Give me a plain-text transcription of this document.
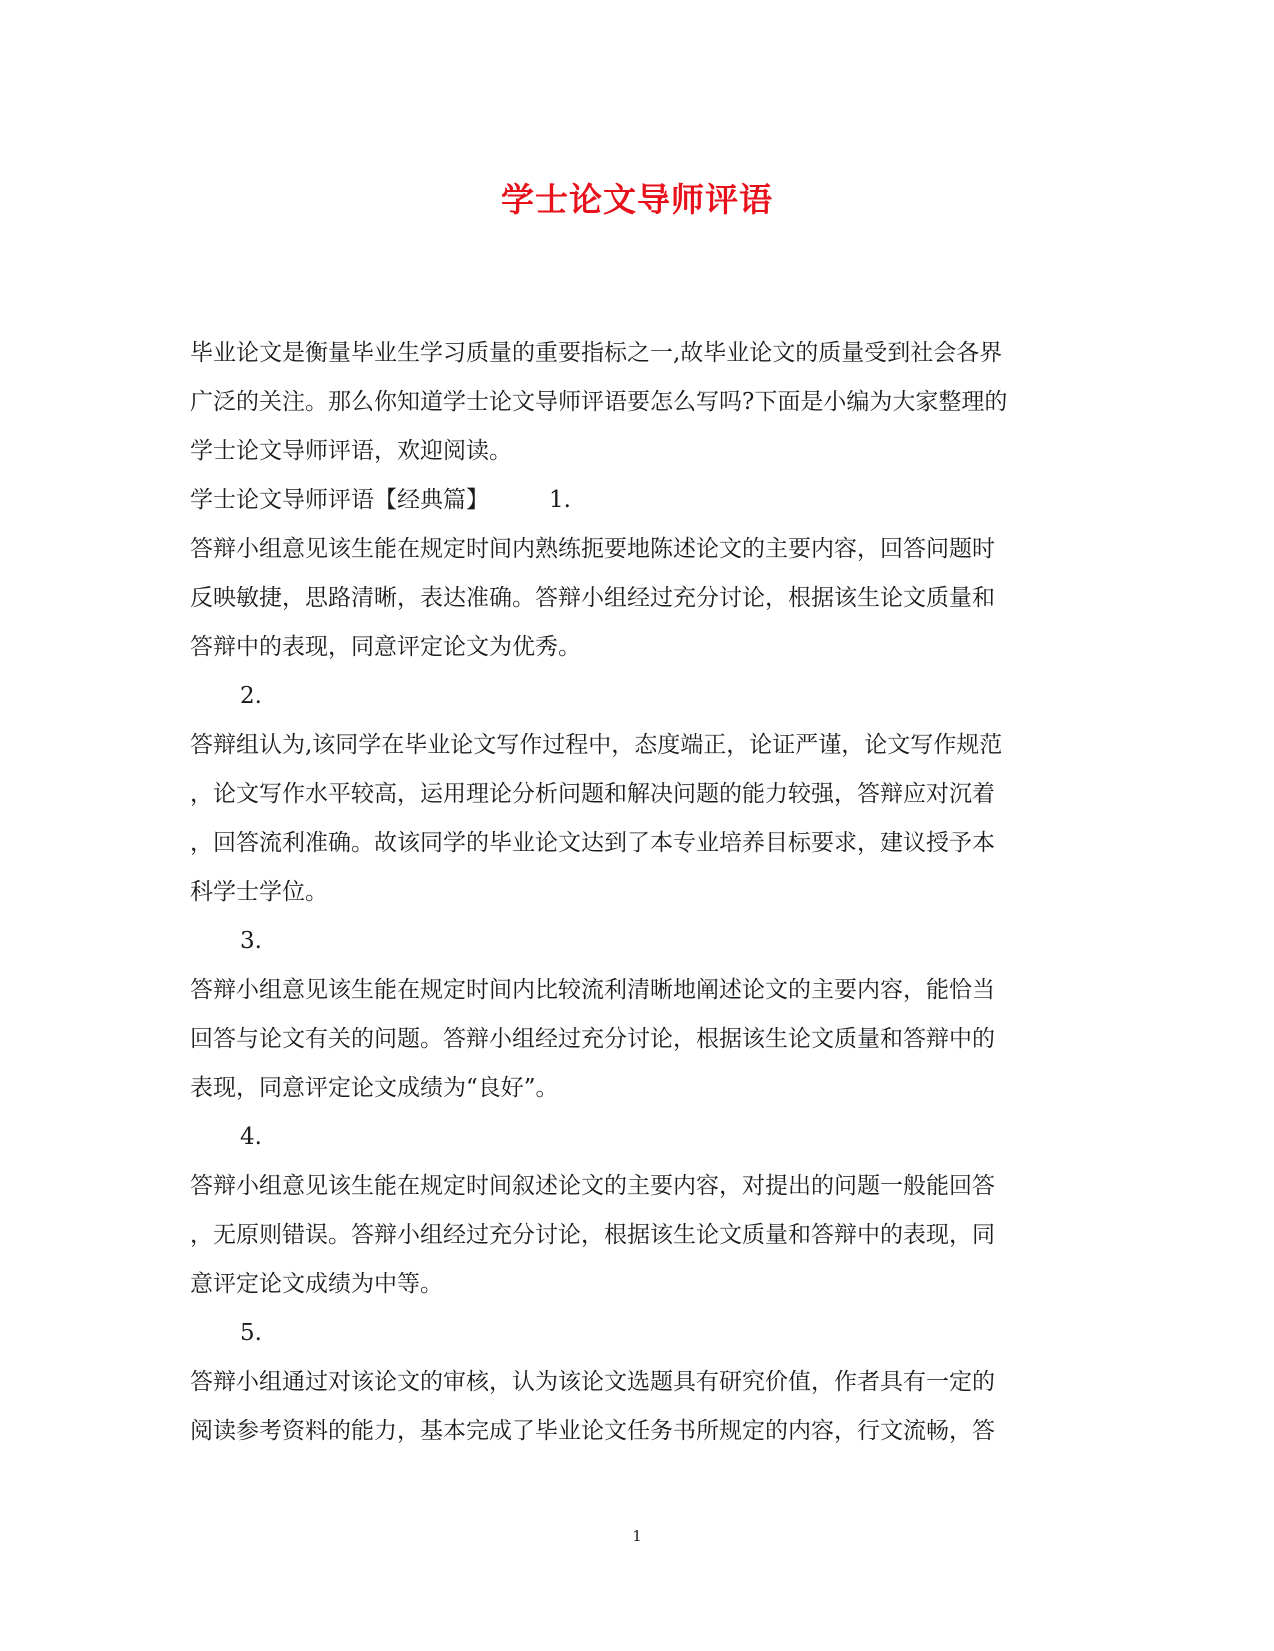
学士论文导师评语
毕业论文是衡量毕业生学习质量的重要指标之一,故毕业论文的质量受到社会各界
广泛的关注。那么你知道学士论文导师评语要怎么写吗?下面是小编为大家整理的
学士论文导师评语，欢迎阅读。
学士论文导师评语【经典篇】	1.
答辩小组意见该生能在规定时间内熟练扼要地陈述论文的主要内容，回答问题时
反映敏捷，思路清晰，表达准确。答辩小组经过充分讨论，根据该生论文质量和
答辩中的表现，同意评定论文为优秀。
2.
答辩组认为,该同学在毕业论文写作过程中，态度端正，论证严谨，论文写作规范
，论文写作水平较高，运用理论分析问题和解决问题的能力较强，答辩应对沉着
，回答流利准确。故该同学的毕业论文达到了本专业培养目标要求，建议授予本
科学士学位。
3.
答辩小组意见该生能在规定时间内比较流利清晰地阐述论文的主要内容，能恰当
回答与论文有关的问题。答辩小组经过充分讨论，根据该生论文质量和答辩中的
表现，同意评定论文成绩为“良好”。
4.
答辩小组意见该生能在规定时间叙述论文的主要内容，对提出的问题一般能回答
，无原则错误。答辩小组经过充分讨论，根据该生论文质量和答辩中的表现，同
意评定论文成绩为中等。
5.
答辩小组通过对该论文的审核，认为该论文选题具有研究价值，作者具有一定的
阅读参考资料的能力，基本完成了毕业论文任务书所规定的内容，行文流畅，答
1
